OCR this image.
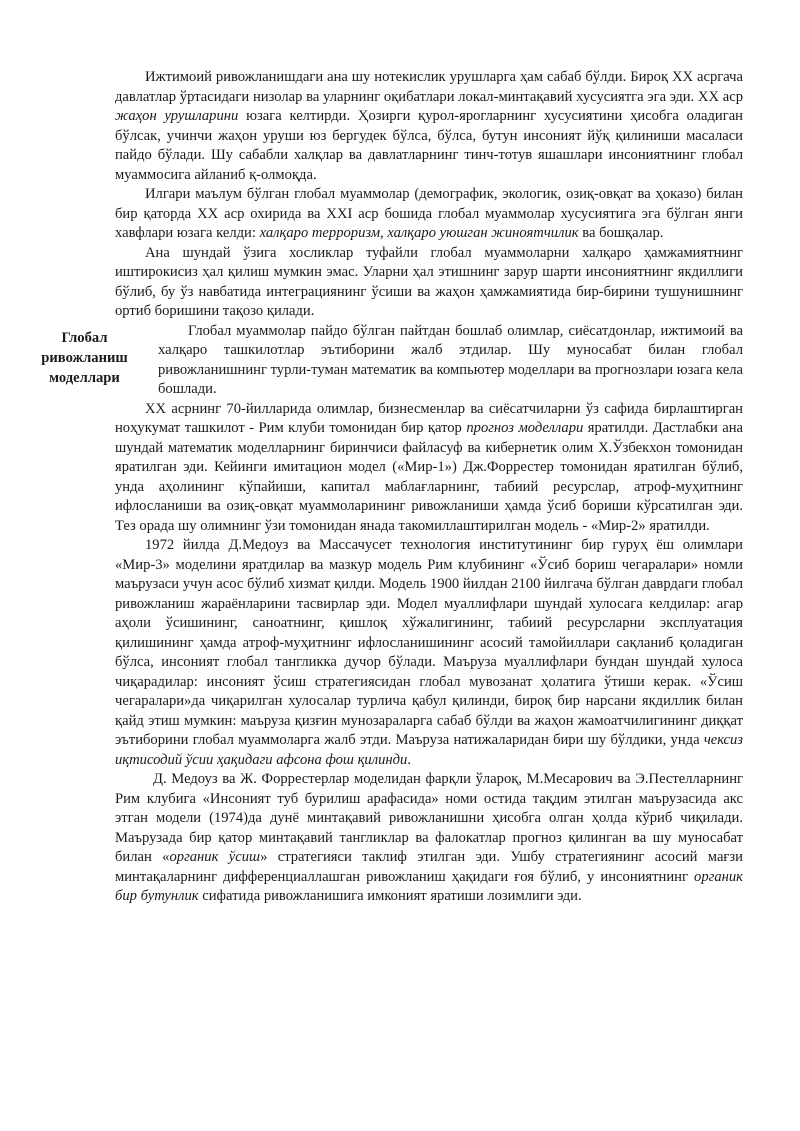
Ижтимоий ривожланишдаги ана шу нотекислик урушларга ҳам сабаб бўлди. Бироқ XX асргача давлатлар ўртасидаги низолар ва уларнинг оқибатлари локал-минтақавий хусусиятга эга эди. XX аср жаҳон урушларини юзага келтирди. Ҳозирги қурол-ярогларнинг хусусиятини ҳисобга оладиган бўлсак, учинчи жаҳон уруши юз бергудек бўлса, бўлса, бутун инсоният йўқ қилиниши масаласи пайдо бўлади. Шу сабабли халқлар ва давлатларнинг тинч-тотув яшашлари инсониятнинг глобал муаммосига айланиб қ-олмоқда.

Илгари маълум бўлган глобал муаммолар (демографик, экологик, озиқ-овқат ва ҳоказо) билан бир қаторда XX аср охирида ва XXI аср бошида глобал муаммолар хусусиятига эга бўлган янги хавфлари юзага келди: халқаро терроризм, халқаро уюшган жиноятчилик ва бошқалар.

Ана шундай ўзига хосликлар туфайли глобал муаммоларни халқаро ҳамжамиятнинг иштирокисиз ҳал қилиш мумкин эмас. Уларни ҳал этишнинг зарур шарти инсониятнинг якдиллиги бўлиб, бу ўз навбатида интеграциянинг ўсиши ва жаҳон ҳамжамиятида бир-бирини тушунишнинг ортиб боришини тақозо қилади.

Глобал
ривожланиш
моделлари

Глобал муаммолар пайдо бўлган пайтдан бошлаб олимлар, сиёсатдонлар, ижтимоий ва халқаро ташкилотлар эътиборини жалб этдилар. Шу муносабат билан глобал ривожланишнинг турли-туман математик ва компьютер моделлари ва прогнозлари юзага кела бошлади.

XX асрнинг 70-йилларида олимлар, бизнесменлар ва сиёсатчиларни ўз сафида бирлаштирган ноҳукумат ташкилот - Рим клуби томонидан бир қатор прогноз моделлари яратилди. Дастлабки ана шундай математик моделларнинг биринчиси файласуф ва кибернетик олим Х.Ўзбекхон томонидан яратилган эди. Кейинги имитацион модел («Мир-1») Дж.Форрестер томонидан яратилган бўлиб, унда аҳолининг кўпайиши, капитал маблағларнинг, табиий ресурслар, атроф-муҳитнинг ифлосланиши ва озиқ-овқат муаммоларининг ривожланиши ҳамда ўсиб бориши кўрсатилган эди. Тез орада шу олимнинг ўзи томонидан янада такомиллаштирилган модель - «Мир-2» яратилди.

1972 йилда Д.Медоуз ва Массачусет технология институтининг бир гуруҳ ёш олимлари «Мир-3» моделини яратдилар ва мазкур модель Рим клубининг «Ўсиб бориш чегаралари» номли маърузаси учун асос бўлиб хизмат қилди. Модель 1900 йилдан 2100 йилгача бўлган даврдаги глобал ривожланиш жараёнларини тасвирлар эди. Модел муаллифлари шундай хулосага келдилар: агар аҳоли ўсишининг, саноатнинг, қишлоқ хўжалигининг, табиий ресурсларни эксплуатация қилишининг ҳамда атроф-муҳитнинг ифлосланишининг асосий тамойиллари сақланиб қоладиган бўлса, инсоният глобал тангликка дучор бўлади. Маъруза муаллифлари бундан шундай хулоса чиқарадилар: инсоният ўсиш стратегиясидан глобал мувозанат ҳолатига ўтиши керак. «Ўсиш чегаралари»да чиқарилган хулосалар турлича қабул қилинди, бироқ бир нарсани якдиллик билан қайд этиш мумкин: маъруза қизғин мунозараларга сабаб бўлди ва жаҳон жамоатчилигининг диққат эътиборини глобал муаммоларга жалб этди. Маъруза натижаларидан бири шу бўлдики, унда чексиз иқтисодий ўсии ҳақидаги афсона фош қилинди.

Д. Медоуз ва Ж. Форрестерлар моделидан фарқли ўлароқ, М.Месарович ва Э.Пестелларнинг Рим клубига «Инсоният туб бурилиш арафасида» номи остида тақдим этилган маърузасида акс этган модели (1974)да дунё минтақавий ривожланишни ҳисобга олган ҳолда кўриб чиқилади. Маърузада бир қатор минтақавий тангликлар ва фалокатлар прогноз қилинган ва шу муносабат билан «органик ўсиш» стратегияси таклиф этилган эди. Ушбу стратегиянинг асосий мағзи минтақаларнинг дифференциаллашган ривожланиш ҳақидаги ғоя бўлиб, у инсониятнинг органик бир бутунлик сифатида ривожланишига имконият яратиши лозимлиги эди.
